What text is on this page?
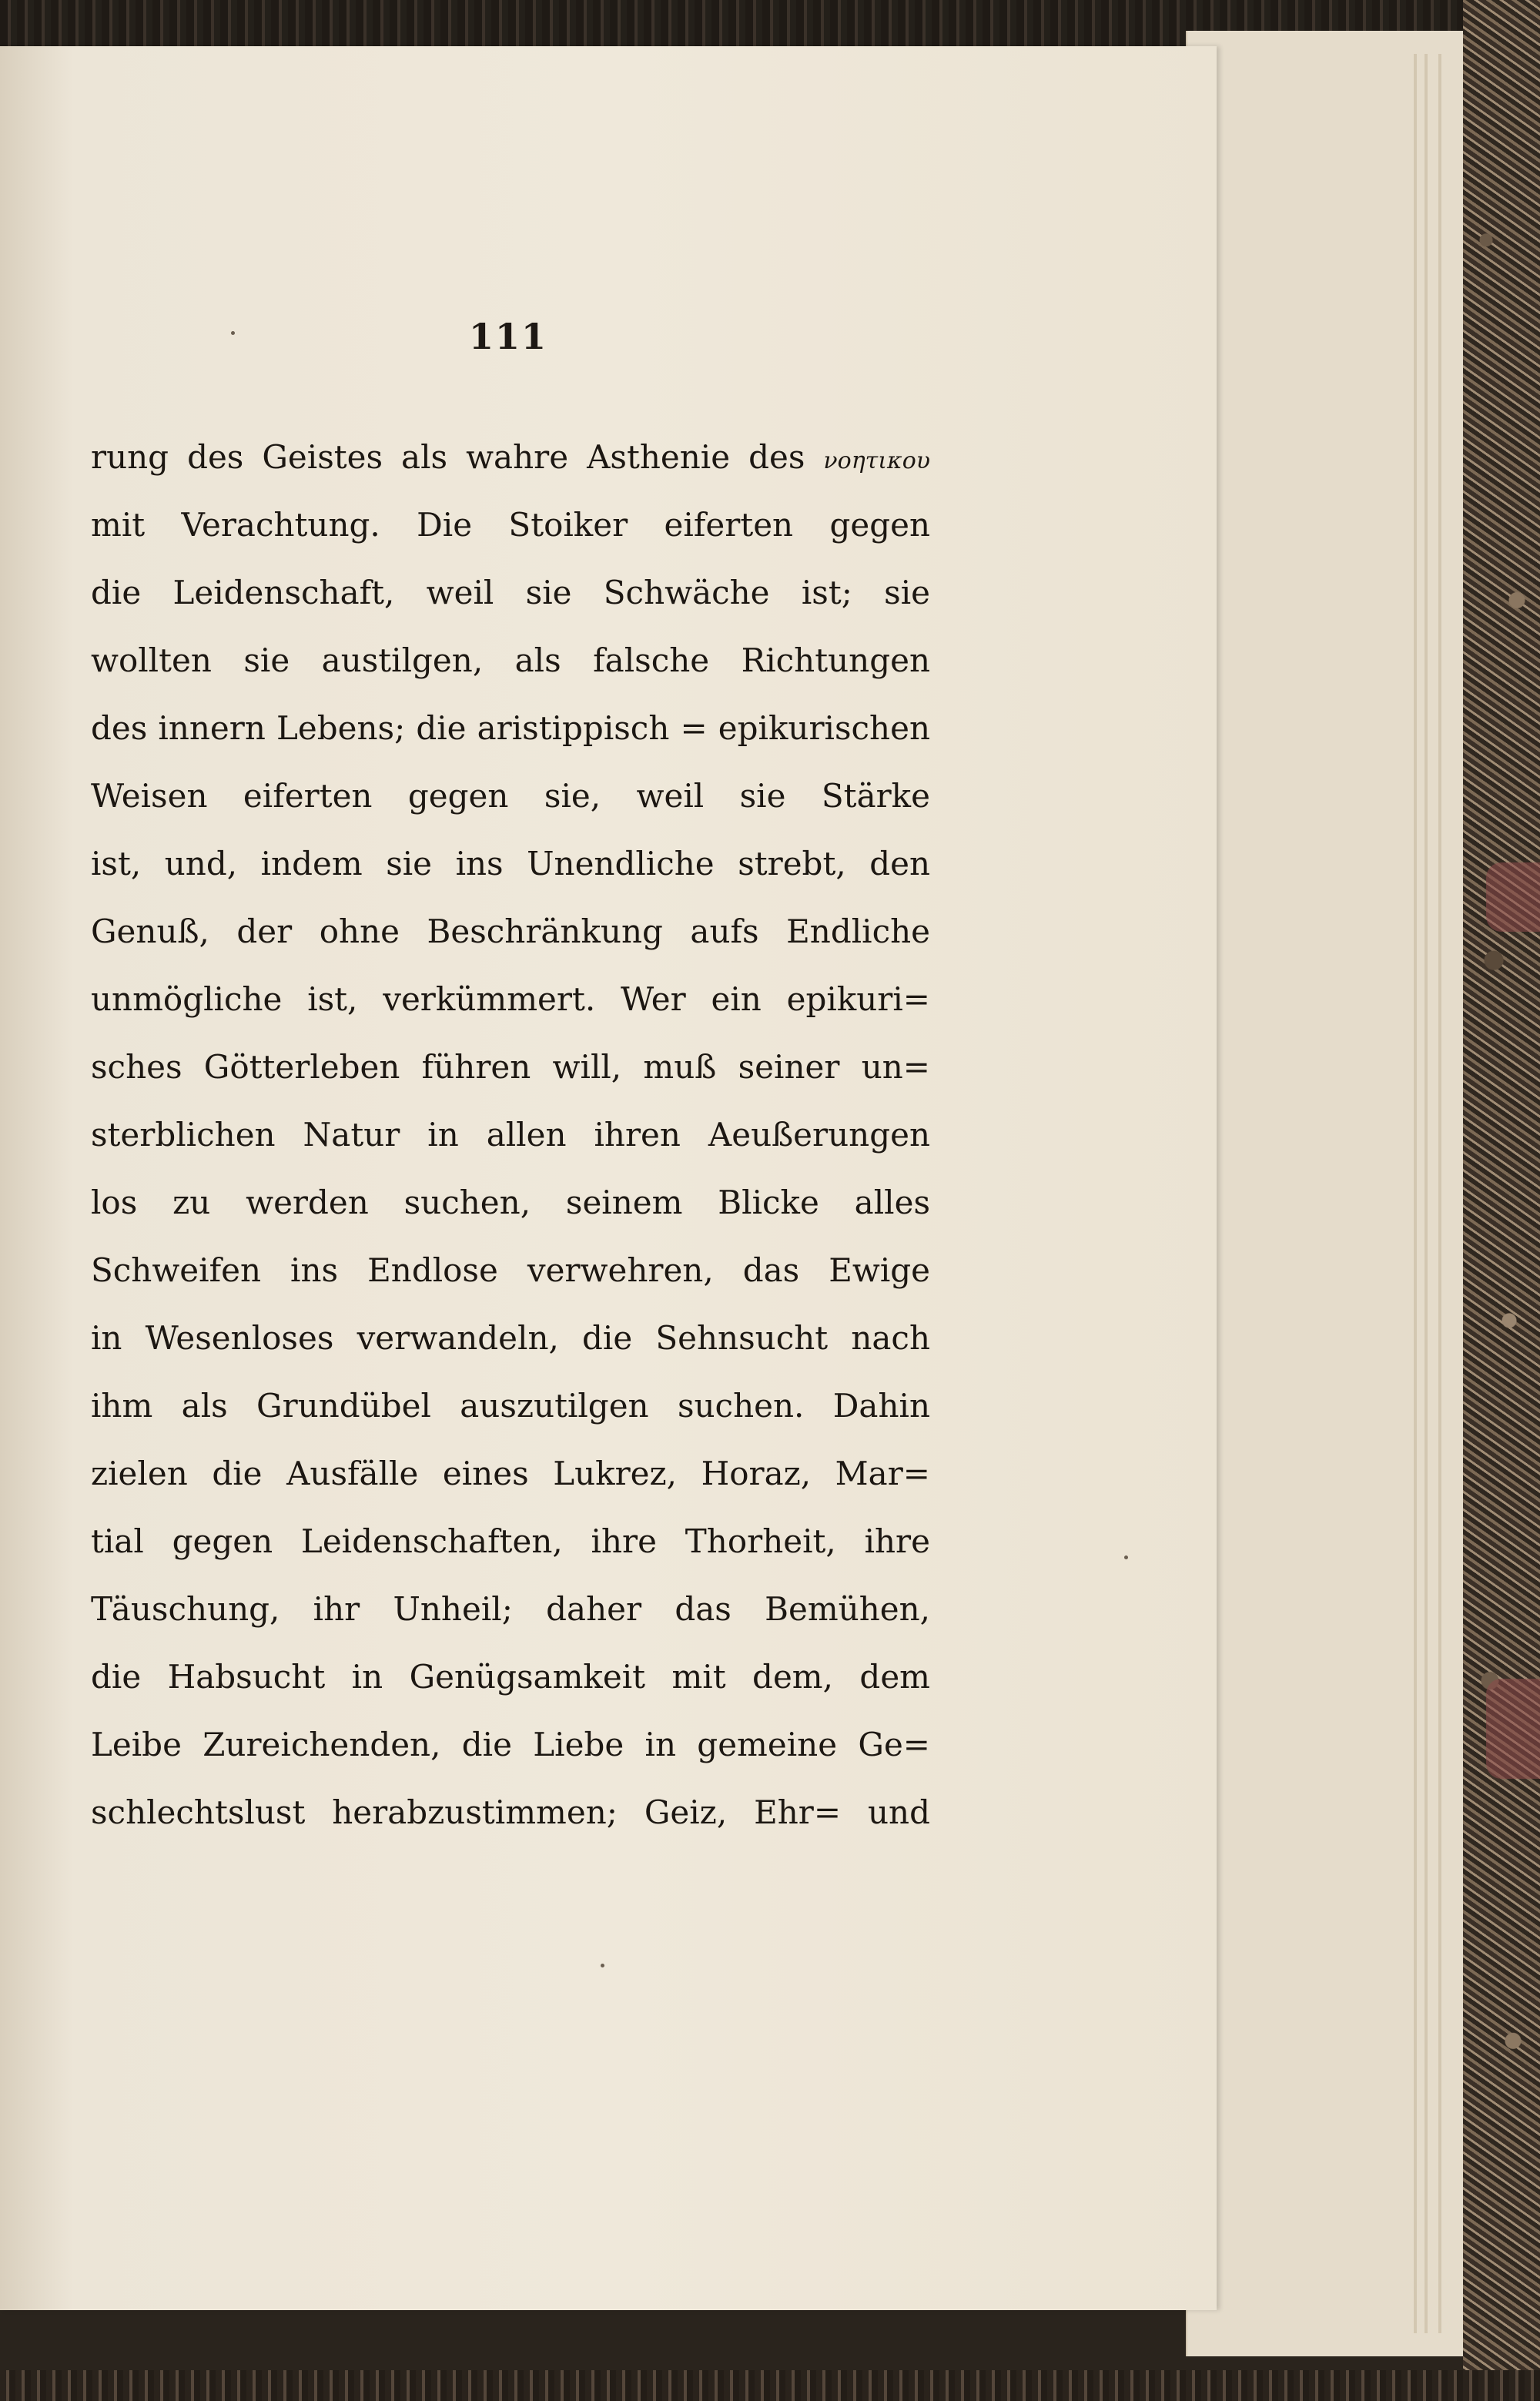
111
rung des Geistes als wahre Asthenie des νοητικου
mit Verachtung. Die Stoiker eiferten gegen
die Leidenschaft, weil sie Schwäche ist; sie
wollten sie austilgen, als falsche Richtungen
des innern Lebens; die aristippisch = epikurischen
Weisen eiferten gegen sie, weil sie Stärke
ist, und, indem sie ins Unendliche strebt, den
Genuß, der ohne Beschränkung aufs Endliche
unmögliche ist, verkümmert. Wer ein epikuri=
sches Götterleben führen will, muß seiner un=
sterblichen Natur in allen ihren Aeußerungen
los zu werden suchen, seinem Blicke alles
Schweifen ins Endlose verwehren, das Ewige
in Wesenloses verwandeln, die Sehnsucht nach
ihm als Grundübel auszutilgen suchen. Dahin
zielen die Ausfälle eines Lukrez, Horaz, Mar=
tial gegen Leidenschaften, ihre Thorheit, ihre
Täuschung, ihr Unheil; daher das Bemühen,
die Habsucht in Genügsamkeit mit dem, dem
Leibe Zureichenden, die Liebe in gemeine Ge=
schlechtslust herabzustimmen; Geiz, Ehr= und
